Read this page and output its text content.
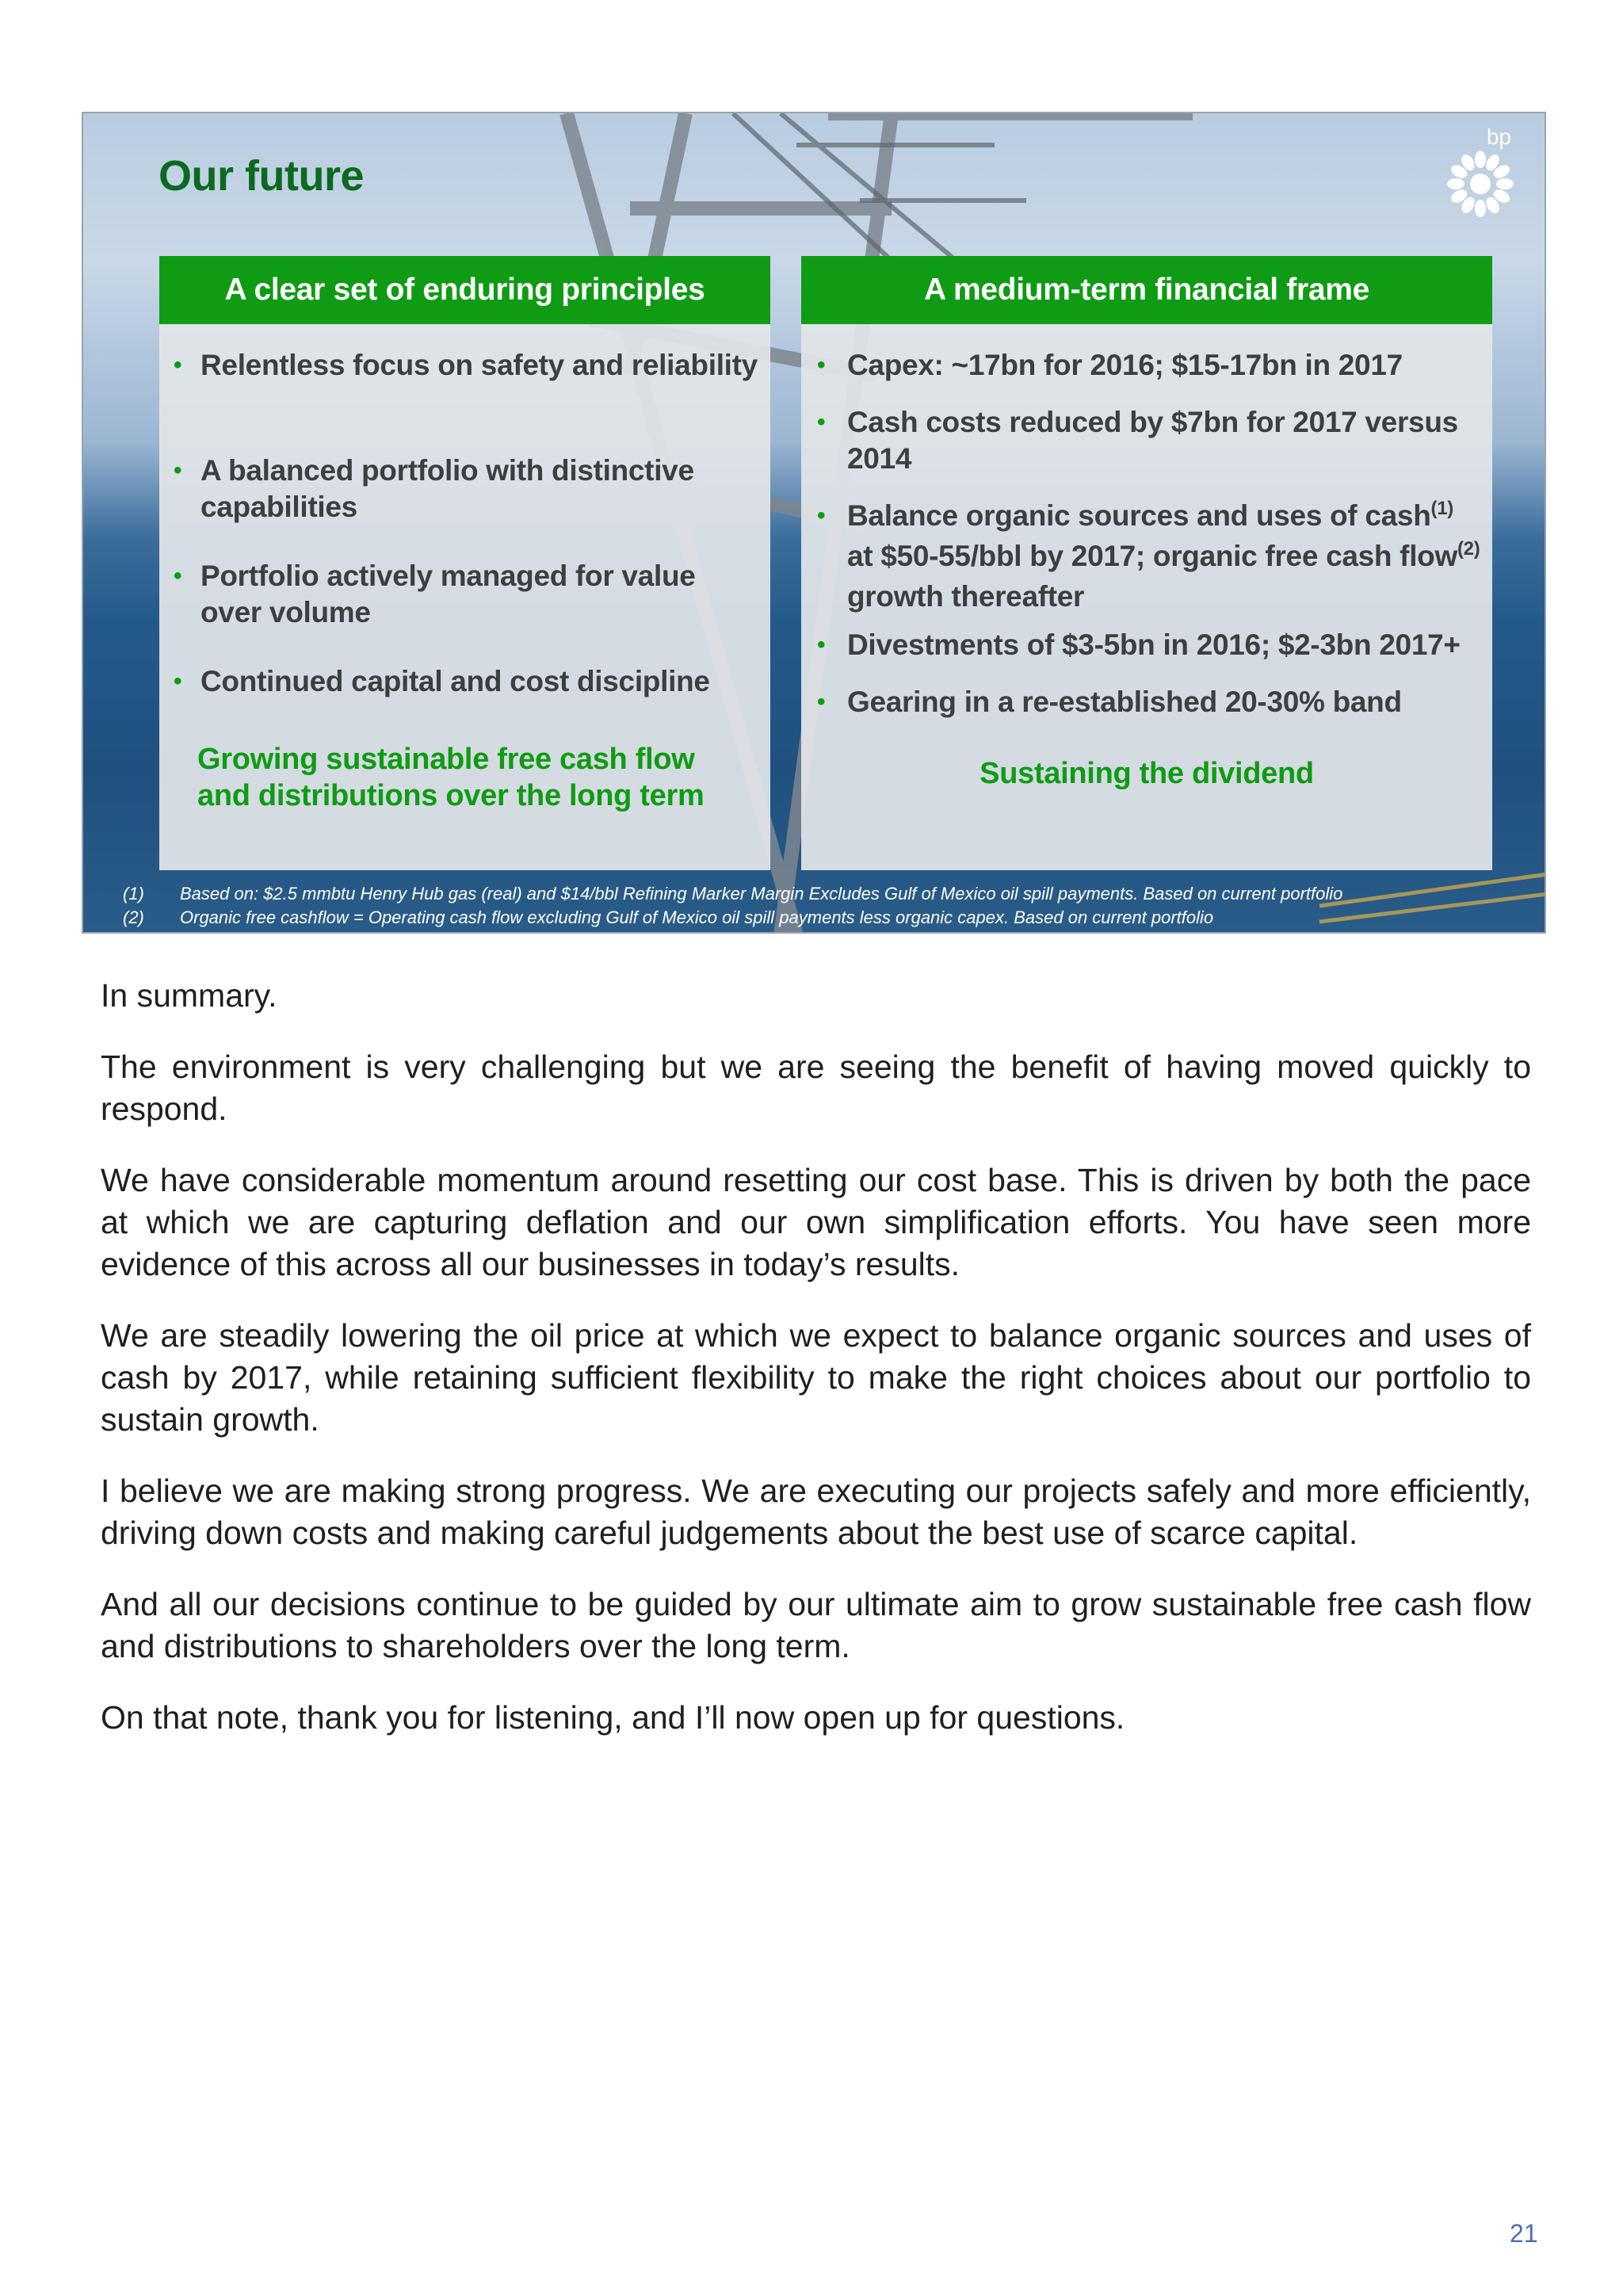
Our future
bp
A clear set of enduring principles
• Relentless focus on safety and reliability
• A balanced portfolio with distinctive capabilities
• Portfolio actively managed for value over volume
• Continued capital and cost discipline
Growing sustainable free cash flow and distributions over the long term
A medium-term financial frame
• Capex: ~17bn for 2016; $15-17bn in 2017
• Cash costs reduced by $7bn for 2017 versus 2014
• Balance organic sources and uses of cash$^{(1)}$ at $50-55/bbl by 2017; organic free cash flow$^{(2)}$ growth thereafter
• Divestments of $3-5bn in 2016; $2-3bn 2017+
• Gearing in a re-established 20-30% band
Sustaining the dividend
(1) Based on: $2.5 mmbtu Henry Hub gas (real) and $14/bbl Refining Marker Margin Excludes Gulf of Mexico oil spill payments. Based on current portfolio
(2) Organic free cashflow = Operating cash flow excluding Gulf of Mexico oil spill payments less organic capex. Based on current portfolio

In summary.

The environment is very challenging but we are seeing the benefit of having moved quickly to respond.

We have considerable momentum around resetting our cost base. This is driven by both the pace at which we are capturing deflation and our own simplification efforts. You have seen more evidence of this across all our businesses in today’s results.

We are steadily lowering the oil price at which we expect to balance organic sources and uses of cash by 2017, while retaining sufficient flexibility to make the right choices about our portfolio to sustain growth.

I believe we are making strong progress. We are executing our projects safely and more efficiently, driving down costs and making careful judgements about the best use of scarce capital.

And all our decisions continue to be guided by our ultimate aim to grow sustainable free cash flow and distributions to shareholders over the long term.

On that note, thank you for listening, and I’ll now open up for questions.

21
